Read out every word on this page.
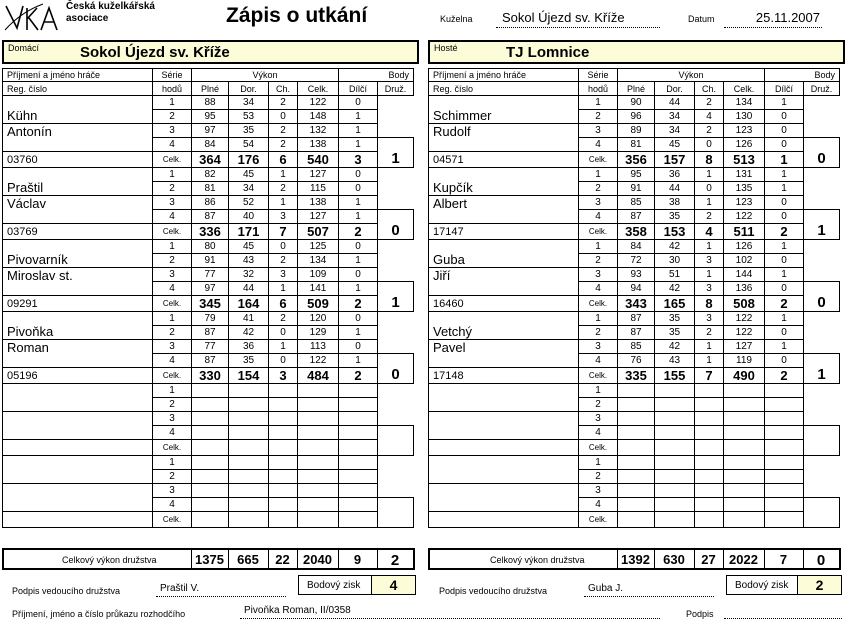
Česká kuželkářská
asociace	Zápis o utkání	Kuželna	Sokol Újezd sv. Kříže	Datum	25.11.2007
Domácí	Sokol Újezd sv. Kříže	Hosté	TJ Lomnice
Příjmení a jméno hráče	Série	Výkon				Body	
Reg. číslo	hodů	Plné	Dor.	Ch.	Celk.	Dílčí	Druž.
Kühn	1	88	34	2	122	0	
	2	95	53	0	148	1	
Antonín	3	97	35	2	132	1	
	4	84	54	2	138	1	1
03760	Celk.	364	176	6	540	3	
Praštil	1	82	45	1	127	0	
	2	81	34	2	115	0	
Václav	3	86	52	1	138	1	
	4	87	40	3	127	1	0
03769	Celk.	336	171	7	507	2	
Pivovarník	1	80	45	0	125	0	
	2	91	43	2	134	1	
Miroslav st.	3	77	32	3	109	0	
	4	97	44	1	141	1	1
09291	Celk.	345	164	6	509	2	
Pivoňka	1	79	41	2	120	0	
	2	87	42	0	129	1	
Roman	3	77	36	1	113	0	
	4	87	35	0	122	1	0
05196	Celk.	330	154	3	484	2	
	1						
	2						
	3						
	4						
	Celk.						
	1						
	2						
	3						
	4						
	Celk.						
Příjmení a jméno hráče	Série	Výkon				Body	
Reg. číslo	hodů	Plné	Dor.	Ch.	Celk.	Dílčí	Druž.
Schimmer	1	90	44	2	134	1	
	2	96	34	4	130	0	
Rudolf	3	89	34	2	123	0	
	4	81	45	0	126	0	0
04571	Celk.	356	157	8	513	1	
Kupčík	1	95	36	1	131	1	
	2	91	44	0	135	1	
Albert	3	85	38	1	123	0	
	4	87	35	2	122	0	1
17147	Celk.	358	153	4	511	2	
Guba	1	84	42	1	126	1	
	2	72	30	3	102	0	
Jiří	3	93	51	1	144	1	
	4	94	42	3	136	0	0
16460	Celk.	343	165	8	508	2	
Vetchý	1	87	35	3	122	1	
	2	87	35	2	122	0	
Pavel	3	85	42	1	127	1	
	4	76	43	1	119	0	1
17148	Celk.	335	155	7	490	2	
	1						
	2						
	3						
	4						
	Celk.						
	1						
	2						
	3						
	4						
	Celk.						
Celkový výkon družstva	1375	665	22	2040	9	2	Celkový výkon družstva	1392	630	27	2022	7	0
Podpis vedoucího družstva	Praštil V.	Bodový zisk	4	Podpis vedoucího družstva	Guba J.	Bodový zisk	2
Příjmení, jméno a číslo průkazu rozhodčího	Pivoňka Roman, II/0358	Podpis
